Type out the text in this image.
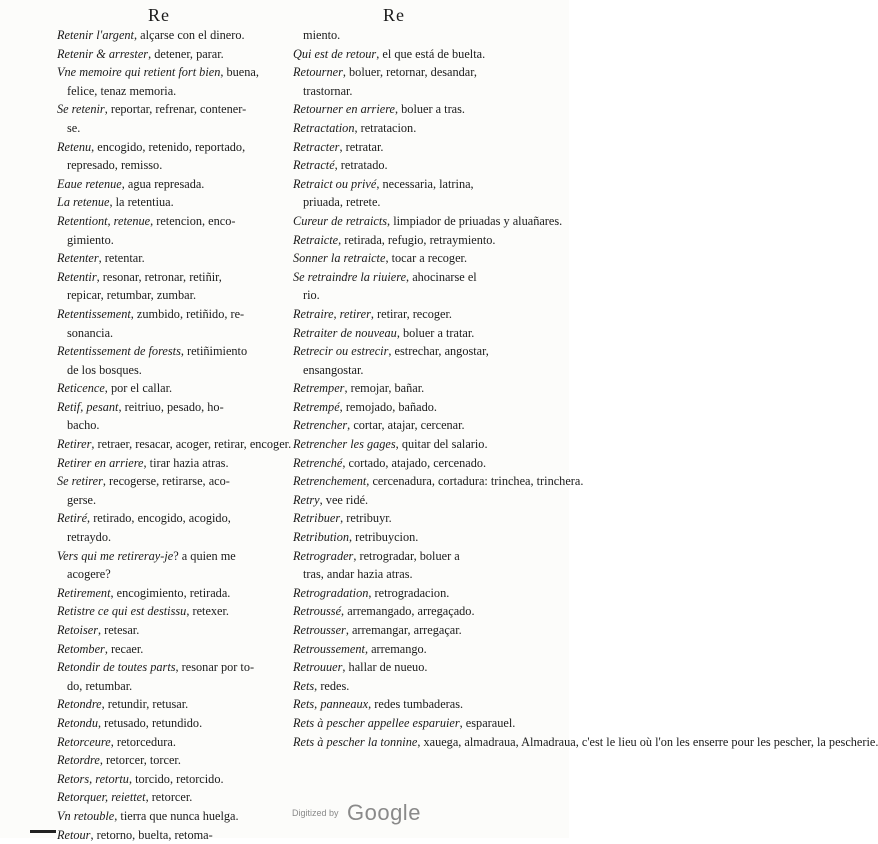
Re	Re
Retenir l'argent, alçarse con el dinero.
Retenir & arrester, detener, parar.
Vne memoire qui retient fort bien, buena,
felice, tenaz memoria.
Se retenir, reportar, refrenar, contener-
se.
Retenu, encogido, retenido, reportado,
represado, remisso.
Eaue retenue, agua represada.
La retenue, la retentiua.
Retentiont, retenue, retencion, enco-
gimiento.
Retenter, retentar.
Retentir, resonar, retronar, retiñir,
repicar, retumbar, zumbar.
Retentissement, zumbido, retiñido, re-
sonancia.
Retentissement de forests, retiñimiento
de los bosques.
Reticence, por el callar.
Retif, pesant, reitriuo, pesado, ho-
bacho.
Retirer, retraer, resacar, acoger, retirar, encoger.
Retirer en arriere, tirar hazia atras.
Se retirer, recogerse, retirarse, aco-
gerse.
Retiré, retirado, encogido, acogido,
retraydo.
Vers qui me retireray-je? a quien me
acogere?
Retirement, encogimiento, retirada.
Retistre ce qui est destissu, retexer.
Retoiser, retesar.
Retomber, recaer.
Retondir de toutes parts, resonar por to-
do, retumbar.
Retondre, retundir, retusar.
Retondu, retusado, retundido.
Retorceure, retorcedura.
Retordre, retorcer, torcer.
Retors, retortu, torcido, retorcido.
Retorquer, reiettet, retorcer.
Vn retouble, tierra que nunca huelga.
Retour, retorno, buelta, retoma-
miento.
Qui est de retour, el que está de buelta.
Retourner, boluer, retornar, desandar,
trastornar.
Retourner en arriere, boluer a tras.
Retractation, retratacion.
Retracter, retratar.
Retracté, retratado.
Retraict ou privé, necessaria, latrina,
priuada, retrete.
Cureur de retraicts, limpiador de priuadas y aluañares.
Retraicte, retirada, refugio, retraymiento.
Sonner la retraicte, tocar a recoger.
Se retraindre la riuiere, ahocinarse el
rio.
Retraire, retirer, retirar, recoger.
Retraiter de nouveau, boluer a tratar.
Retrecir ou estrecir, estrechar, angostar,
ensangostar.
Retremper, remojar, bañar.
Retrempé, remojado, bañado.
Retrencher, cortar, atajar, cercenar.
Retrencher les gages, quitar del salario.
Retrenché, cortado, atajado, cercenado.
Retrenchement, cercenadura, cortadura: trinchea, trinchera.
Retry, vee ridé.
Retribuer, retribuyr.
Retribution, retribuycion.
Retrograder, retrogradar, boluer a
tras, andar hazia atras.
Retrogradation, retrogradacion.
Retroussé, arremangado, arregaçado.
Retrousser, arremangar, arregaçar.
Retroussement, arremango.
Retrouuer, hallar de nueuo.
Rets, redes.
Rets, panneaux, redes tumbaderas.
Rets à pescher appellee esparuier, esparauel.
Rets à pescher la tonnine, xauega, almadraua, Almadraua, c'est le lieu où l'on les enserre pour les pescher, la pescherie.
Digitized by Google
